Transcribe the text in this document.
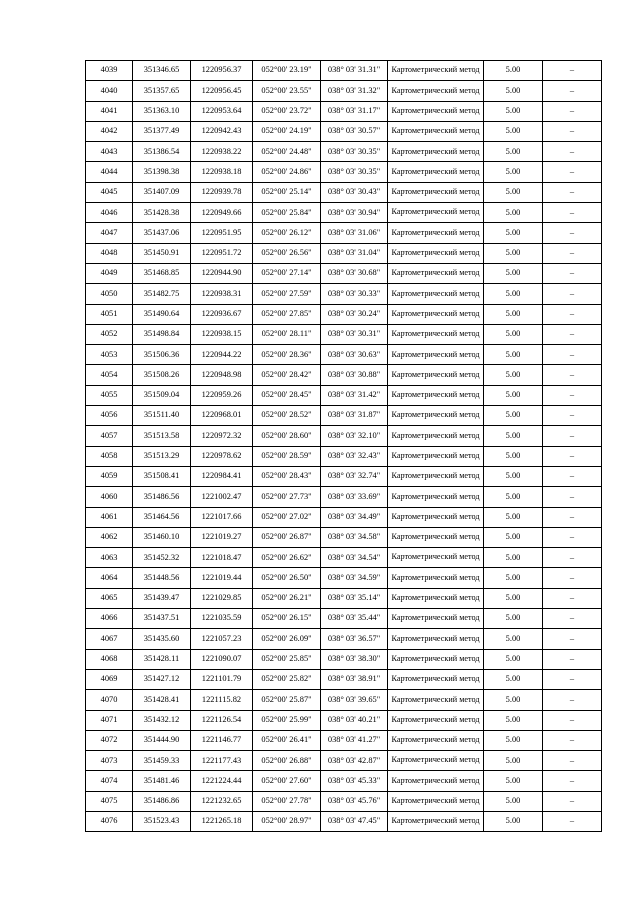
4039	351346.65	1220956.37	052°00' 23.19"	038° 03' 31.31"	Картометрический метод	5.00	–
4040	351357.65	1220956.45	052°00' 23.55"	038° 03' 31.32"	Картометрический метод	5.00	–
4041	351363.10	1220953.64	052°00' 23.72"	038° 03' 31.17"	Картометрический метод	5.00	–
4042	351377.49	1220942.43	052°00' 24.19"	038° 03' 30.57"	Картометрический метод	5.00	–
4043	351386.54	1220938.22	052°00' 24.48"	038° 03' 30.35"	Картометрический метод	5.00	–
4044	351398.38	1220938.18	052°00' 24.86"	038° 03' 30.35"	Картометрический метод	5.00	–
4045	351407.09	1220939.78	052°00' 25.14"	038° 03' 30.43"	Картометрический метод	5.00	–
4046	351428.38	1220949.66	052°00' 25.84"	038° 03' 30.94"	Картометрический метод	5.00	–
4047	351437.06	1220951.95	052°00' 26.12"	038° 03' 31.06"	Картометрический метод	5.00	–
4048	351450.91	1220951.72	052°00' 26.56"	038° 03' 31.04"	Картометрический метод	5.00	–
4049	351468.85	1220944.90	052°00' 27.14"	038° 03' 30.68"	Картометрический метод	5.00	–
4050	351482.75	1220938.31	052°00' 27.59"	038° 03' 30.33"	Картометрический метод	5.00	–
4051	351490.64	1220936.67	052°00' 27.85"	038° 03' 30.24"	Картометрический метод	5.00	–
4052	351498.84	1220938.15	052°00' 28.11"	038° 03' 30.31"	Картометрический метод	5.00	–
4053	351506.36	1220944.22	052°00' 28.36"	038° 03' 30.63"	Картометрический метод	5.00	–
4054	351508.26	1220948.98	052°00' 28.42"	038° 03' 30.88"	Картометрический метод	5.00	–
4055	351509.04	1220959.26	052°00' 28.45"	038° 03' 31.42"	Картометрический метод	5.00	–
4056	351511.40	1220968.01	052°00' 28.52"	038° 03' 31.87"	Картометрический метод	5.00	–
4057	351513.58	1220972.32	052°00' 28.60"	038° 03' 32.10"	Картометрический метод	5.00	–
4058	351513.29	1220978.62	052°00' 28.59"	038° 03' 32.43"	Картометрический метод	5.00	–
4059	351508.41	1220984.41	052°00' 28.43"	038° 03' 32.74"	Картометрический метод	5.00	–
4060	351486.56	1221002.47	052°00' 27.73"	038° 03' 33.69"	Картометрический метод	5.00	–
4061	351464.56	1221017.66	052°00' 27.02"	038° 03' 34.49"	Картометрический метод	5.00	–
4062	351460.10	1221019.27	052°00' 26.87"	038° 03' 34.58"	Картометрический метод	5.00	–
4063	351452.32	1221018.47	052°00' 26.62"	038° 03' 34.54"	Картометрический метод	5.00	–
4064	351448.56	1221019.44	052°00' 26.50"	038° 03' 34.59"	Картометрический метод	5.00	–
4065	351439.47	1221029.85	052°00' 26.21"	038° 03' 35.14"	Картометрический метод	5.00	–
4066	351437.51	1221035.59	052°00' 26.15"	038° 03' 35.44"	Картометрический метод	5.00	–
4067	351435.60	1221057.23	052°00' 26.09"	038° 03' 36.57"	Картометрический метод	5.00	–
4068	351428.11	1221090.07	052°00' 25.85"	038° 03' 38.30"	Картометрический метод	5.00	–
4069	351427.12	1221101.79	052°00' 25.82"	038° 03' 38.91"	Картометрический метод	5.00	–
4070	351428.41	1221115.82	052°00' 25.87"	038° 03' 39.65"	Картометрический метод	5.00	–
4071	351432.12	1221126.54	052°00' 25.99"	038° 03' 40.21"	Картометрический метод	5.00	–
4072	351444.90	1221146.77	052°00' 26.41"	038° 03' 41.27"	Картометрический метод	5.00	–
4073	351459.33	1221177.43	052°00' 26.88"	038° 03' 42.87"	Картометрический метод	5.00	–
4074	351481.46	1221224.44	052°00' 27.60"	038° 03' 45.33"	Картометрический метод	5.00	–
4075	351486.86	1221232.65	052°00' 27.78"	038° 03' 45.76"	Картометрический метод	5.00	–
4076	351523.43	1221265.18	052°00' 28.97"	038° 03' 47.45"	Картометрический метод	5.00	–
